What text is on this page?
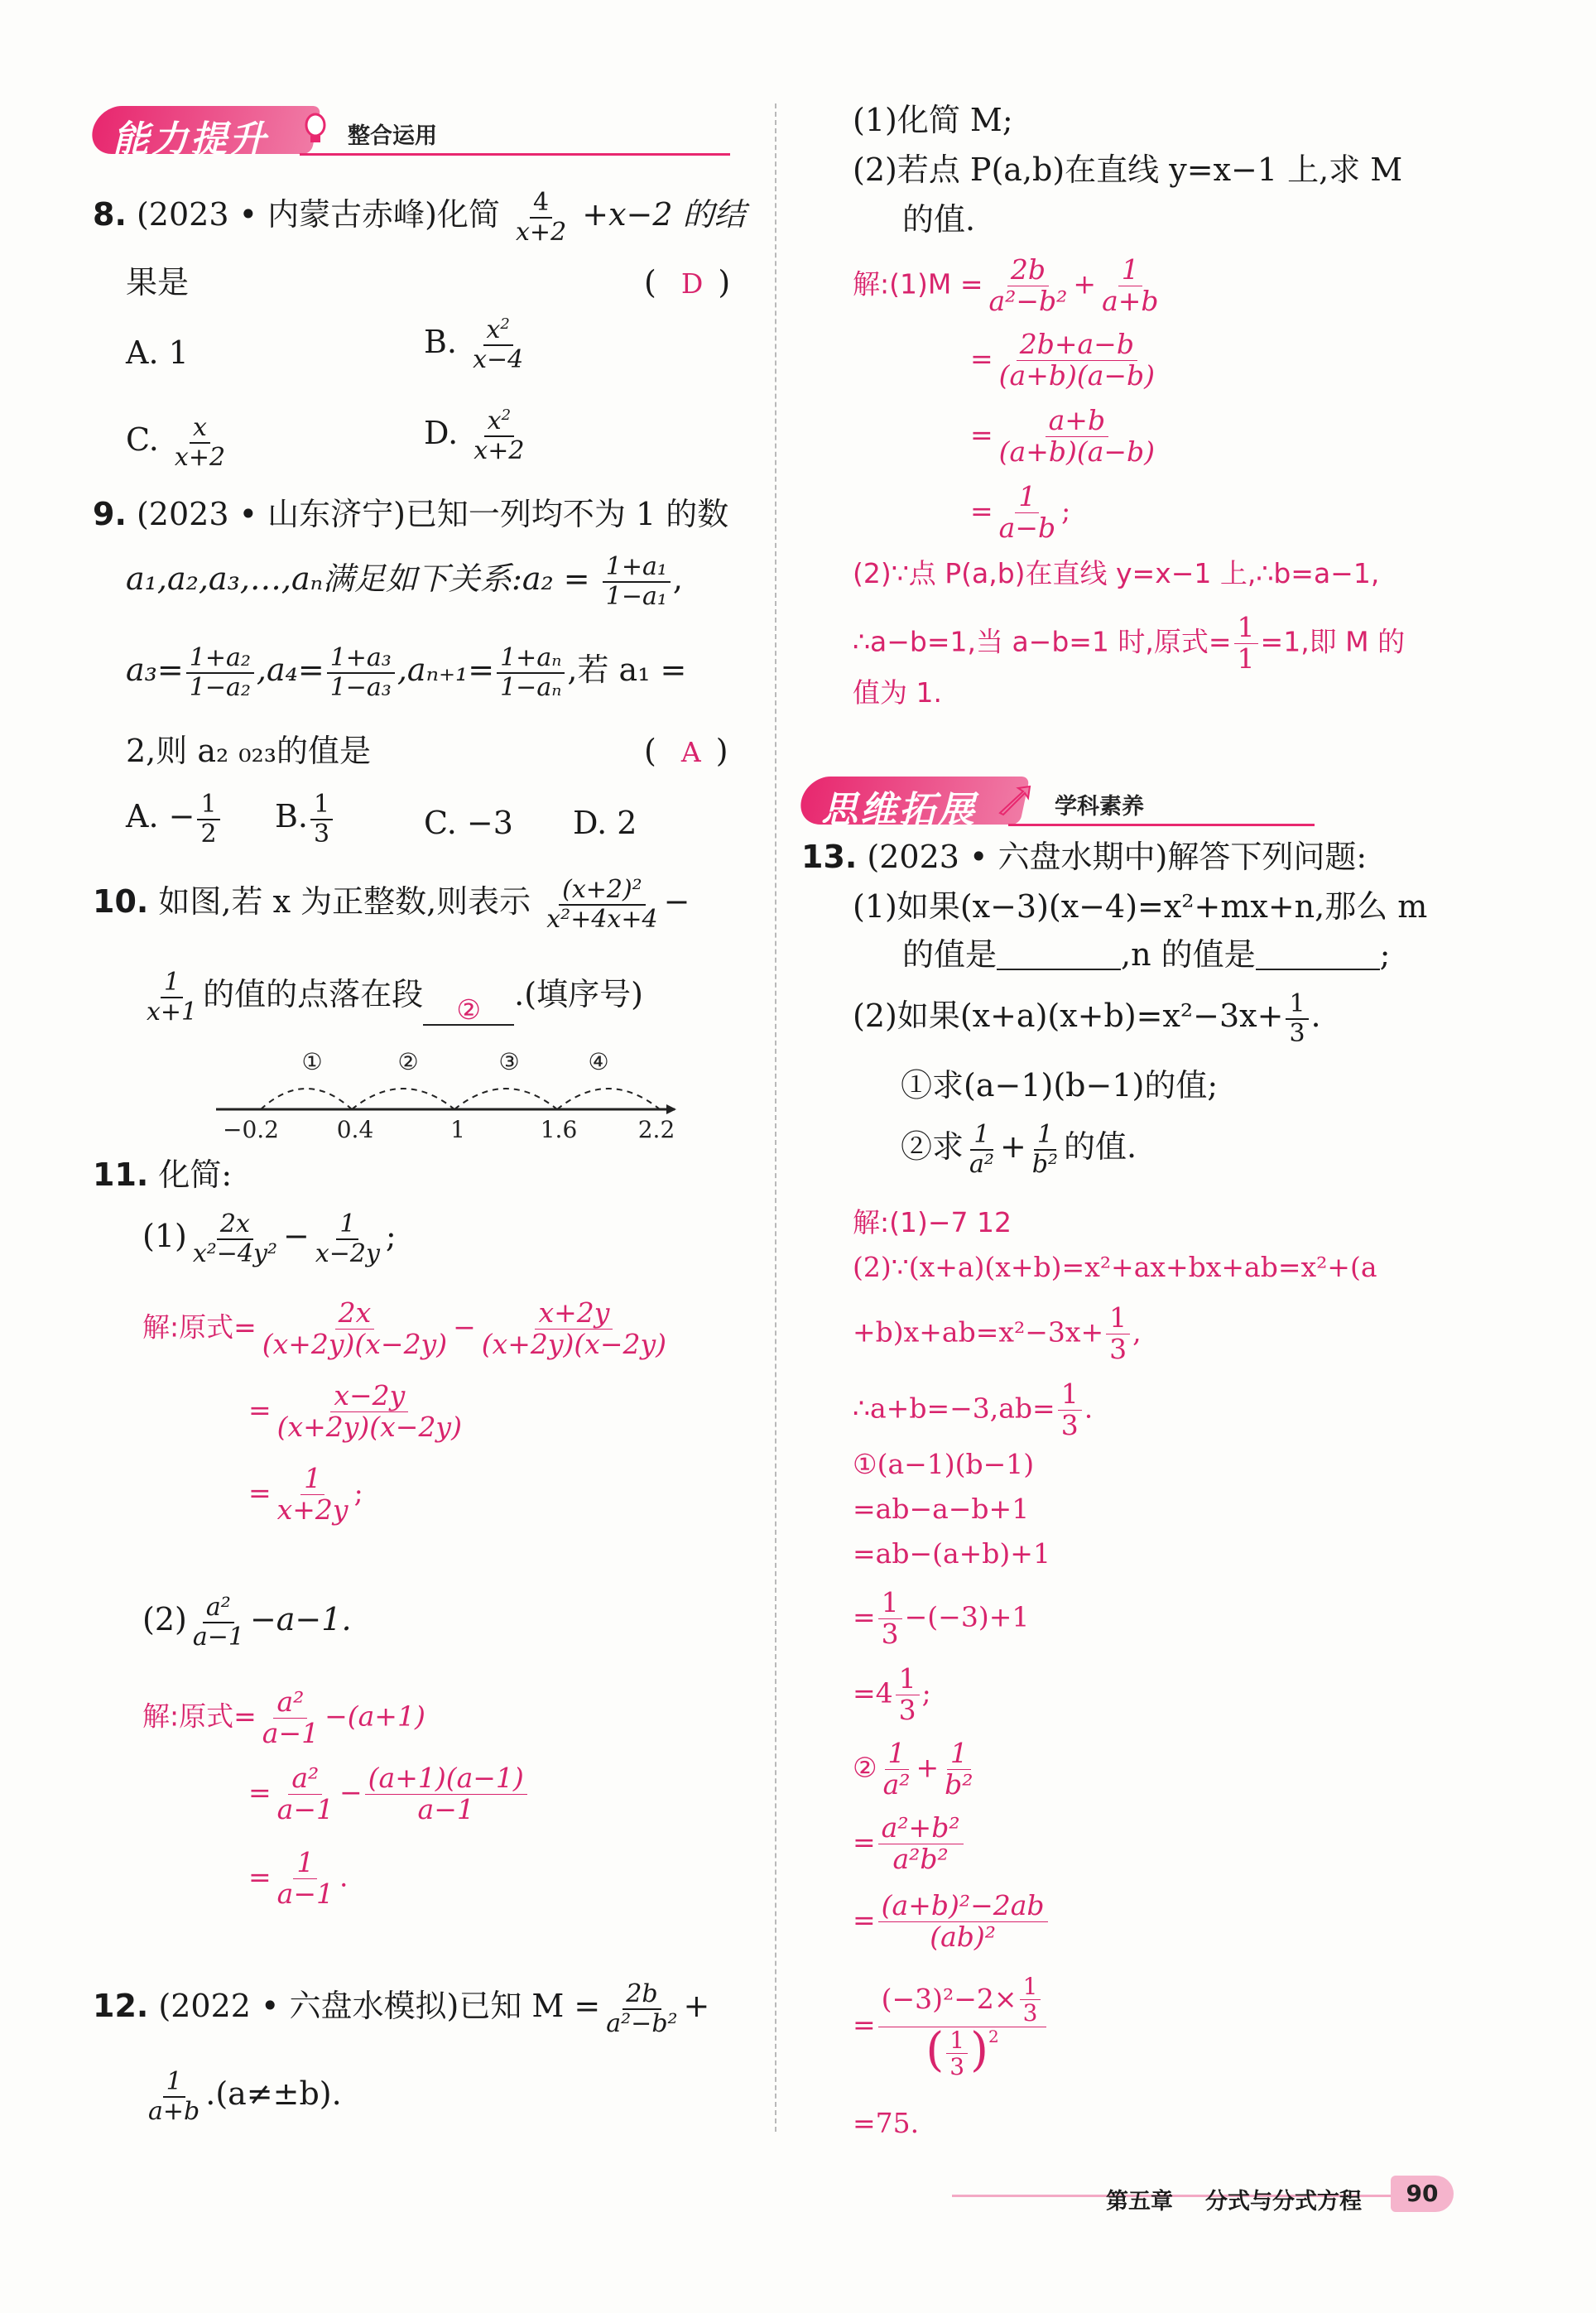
能力提升	整合运用
思维拓展	学科素养
8. (2023 • 内蒙古赤峰)化简 $\frac{4}{x+2} +x-2$ 的结
果是	( D )
A. 1	B. $\frac{x^2}{x-4}$
C. $\frac{x}{x+2}$	D. $\frac{x^2}{x+2}$
9. (2023 • 山东济宁)已知一列均不为 1 的数
a₁,a₂,a₃,…,aₙ满足如下关系:a₂ = $\frac{\text{1+a₁}}{\text{1−a₁}}$ ,
$a_3= \frac{\text{1+a₂}}{\text{1−a₂}} ,a_4= \frac{\text{1+a₃}}{\text{1−a₃}} ,a_{n+1}= \frac{\text{1+aₙ}}{\text{1−aₙ}}$ ,若 a₁ =
2,则 a₂ ₀₂₃的值是	( A )
A. − $\frac{1}{2} B$. $\frac{1}{3}$	C. −3 D. 2
10. 如图,若 x 为正整数,则表示 $\frac{\text{(x+2)²}}{\text{x²+4x+4}}$ −
$\frac{1}{x+1}$ 的值的点落在段 ② .(填序号)
①	②	③	④
−0.2 0.4	1	1.6	2.2
11. 化简:
$(1) \frac{2x}{\text{x²−4y²}} - \frac{1}{x-2y}$ ;
解:原式= $\frac{2x}{(x+2y)(x-2y)} - \frac{x+2y}{(x+2y)(x-2y)}$
= $\frac{x-2y}{(x+2y)(x-2y)}$
= $\frac{1}{x+2y}$ ;
$(2) \frac{\text{a²}}{a-1} -a-1$.
解:原式= $\frac{\text{a²}}{a-1} -(a+1)$
= $\frac{\text{a²}}{a-1} - \frac{(a+1)(a-1)}{a-1}$
= $\frac{1}{a-1}$ .
12. (2022 • 六盘水模拟)已知 $M = \frac{2b}{\text{a²−b²}}$ +
$\frac{1}{a+b} .(a\ne\pm b)$.
(1)化简 M;
(2)若点 P(a,b)在直线 y=x−1 上,求 M
的值.
解:(1)M = $\frac{2b}{\text{a²−b²}} + \frac{1}{a+b}$
= $\frac{2b+a-b}{(a+b)(a-b)}$
= $\frac{a+b}{(a+b)(a-b)}$
= $\frac{1}{a-b}$ ;
(2)∵点 P(a,b)在直线 y=x−1 上,∴b=a−1,
∴a−b=1,当 a−b=1 时,原式= $\frac{1}{1} =1$,即 M 的
值为 1.
13. (2023 • 六盘水期中)解答下列问题:
(1)如果(x−3)(x−4)=x²+mx+n,那么 m
的值是	,n 的值是	;
(2)如果$(x+a)(x+b)=x^2-3x+ \frac{1}{3}$ .
①求(a−1)(b−1)的值;
②求 $\frac{1}{\text{a²}} + \frac{1}{\text{b²}}$ 的值.
解:(1)−7 12
(2)∵(x+a)(x+b)=x²+ax+bx+ab=x²+(a
$+b)x+ab=x^2-3x+ \frac{1}{3}$ ,
∴a+b=−3,ab= $\frac{1}{3}$ .
①(a−1)(b−1)
=ab−a−b+1
=ab−(a+b)+1
= $\frac{1}{3} -(-3)+1$
$=4 \frac{1}{3}$ ;
② $\frac{1}{\text{a²}} + \frac{1}{\text{b²}}$
= $\frac{\text{a²+b²}}{\text{a²b²}}$
= $\frac{\text{(a+b)²−2ab}}{\text{(ab)²}}$
= $(-3)^2-2\times \frac{1}{3}$
( 1
3 )$^2$
=75.
第五章 分式与分式方程	90
